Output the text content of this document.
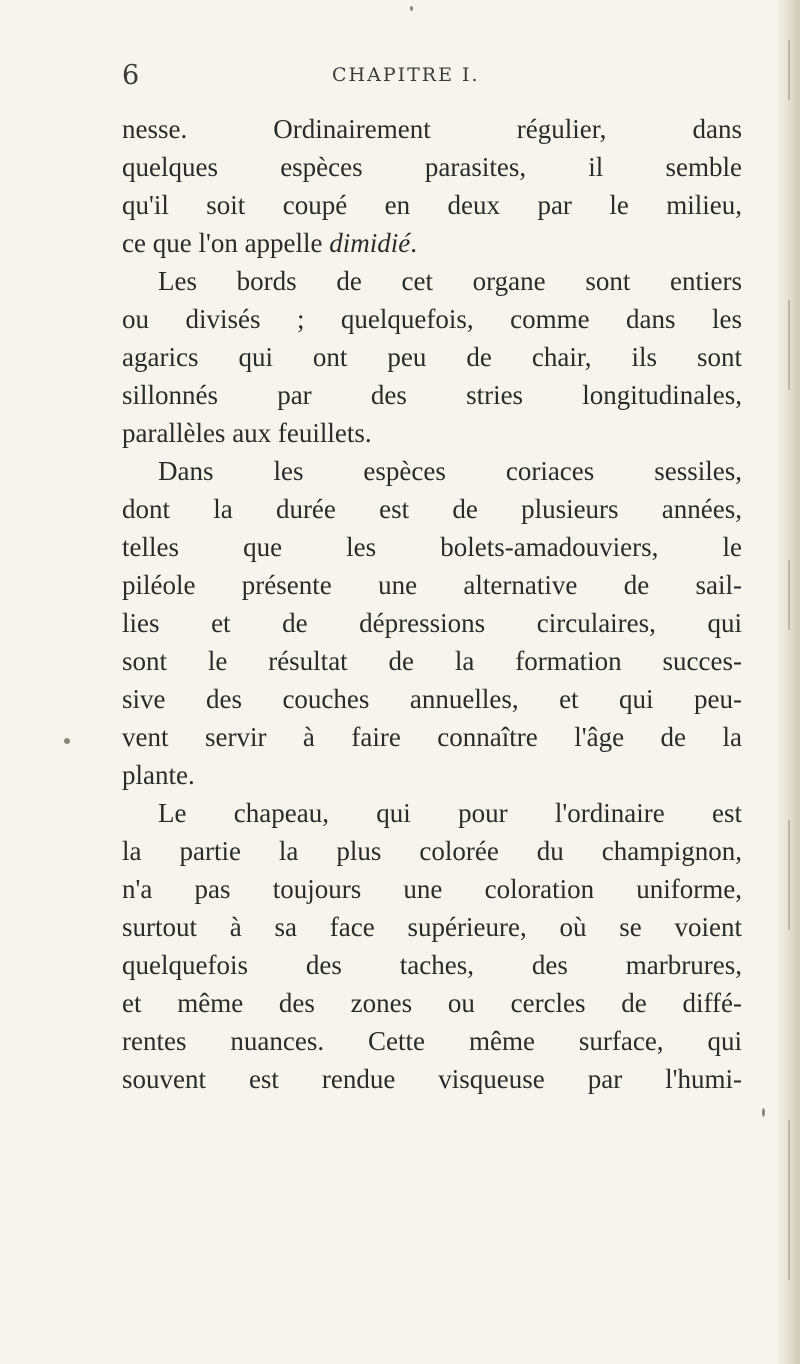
6	CHAPITRE I.
nesse. Ordinairement régulier, dans
quelques espèces parasites, il semble
qu'il soit coupé en deux par le milieu,
ce que l'on appelle dimidié.
Les bords de cet organe sont entiers
ou divisés ; quelquefois, comme dans les
agarics qui ont peu de chair, ils sont
sillonnés par des stries longitudinales,
parallèles aux feuillets.
Dans les espèces coriaces sessiles,
dont la durée est de plusieurs années,
telles que les bolets-amadouviers, le
piléole présente une alternative de sail-
lies et de dépressions circulaires, qui
sont le résultat de la formation succes-
sive des couches annuelles, et qui peu-
vent servir à faire connaître l'âge de la
plante.
Le chapeau, qui pour l'ordinaire est
la partie la plus colorée du champignon,
n'a pas toujours une coloration uniforme,
surtout à sa face supérieure, où se voient
quelquefois des taches, des marbrures,
et même des zones ou cercles de diffé-
rentes nuances. Cette même surface, qui
souvent est rendue visqueuse par l'humi-
